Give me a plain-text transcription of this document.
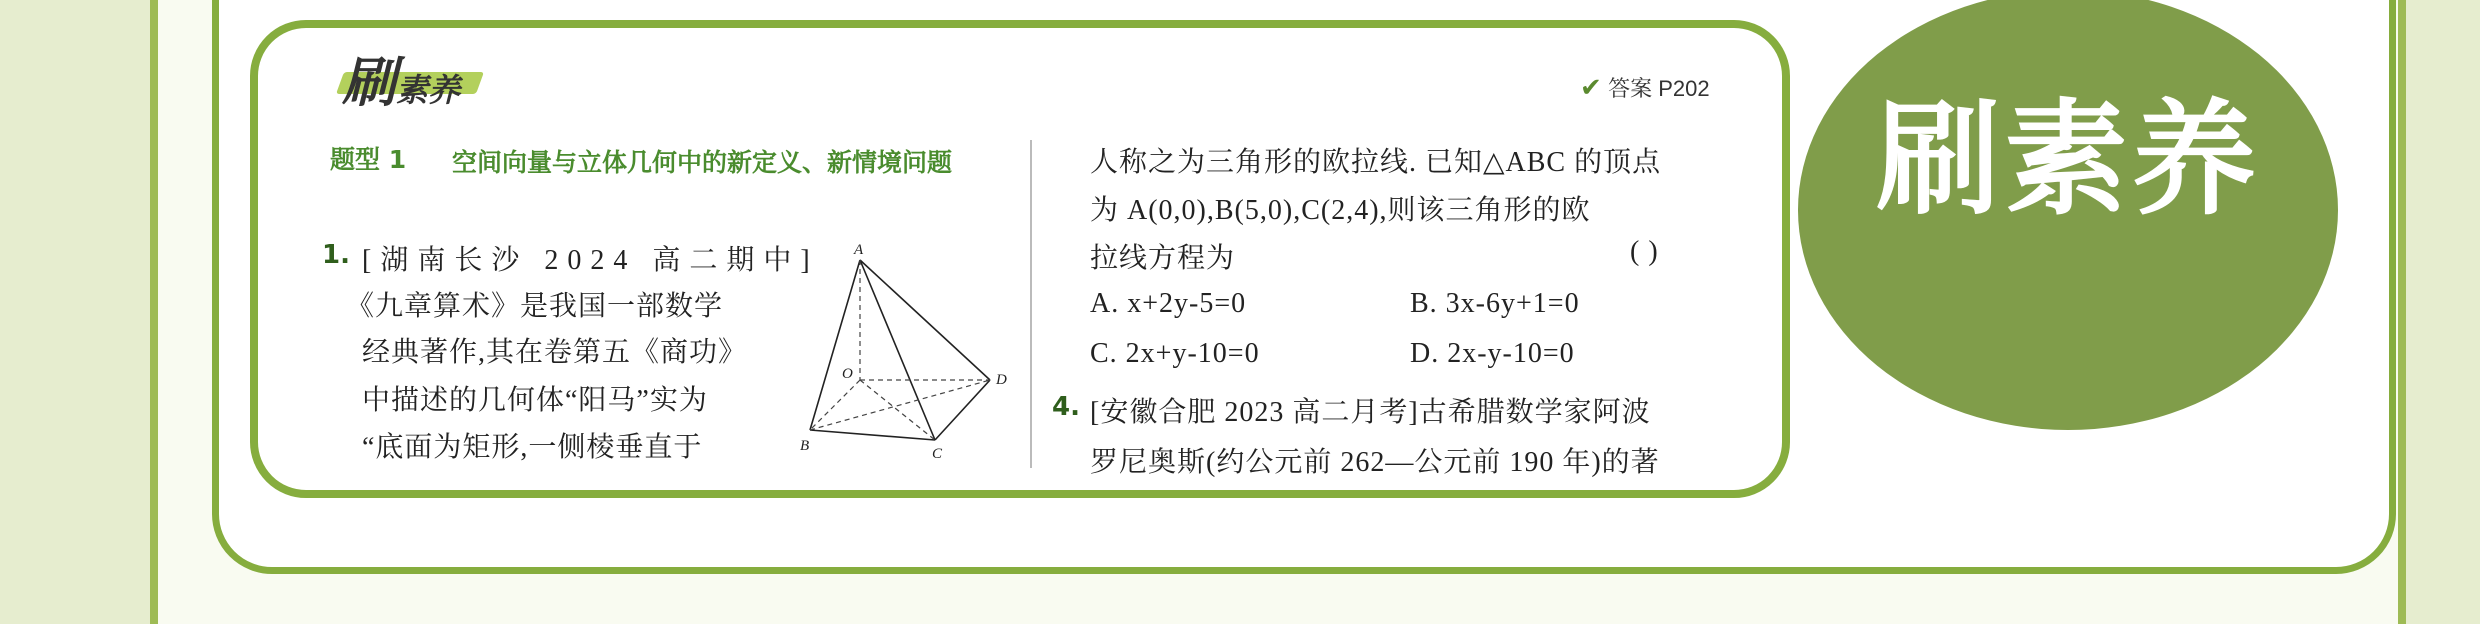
刷素养
刷素养	✔ 答案 P202
题型 1 空间向量与立体几何中的新定义、新情境问题
1. [湖南长沙 2024 高二期中]
《九章算术》是我国一部数学
经典著作,其在卷第五《商功》
中描述的几何体“阳马”实为
“底面为矩形,一侧棱垂直于
A
B	C
D
O
人称之为三角形的欧拉线. 已知△ABC 的顶点
为 A(0,0),B(5,0),C(2,4),则该三角形的欧
拉线方程为	( )
A. x+2y-5=0	B. 3x-6y+1=0
C. 2x+y-10=0	D. 2x-y-10=0
4. [安徽合肥 2023 高二月考]古希腊数学家阿波
罗尼奥斯(约公元前 262—公元前 190 年)的著
